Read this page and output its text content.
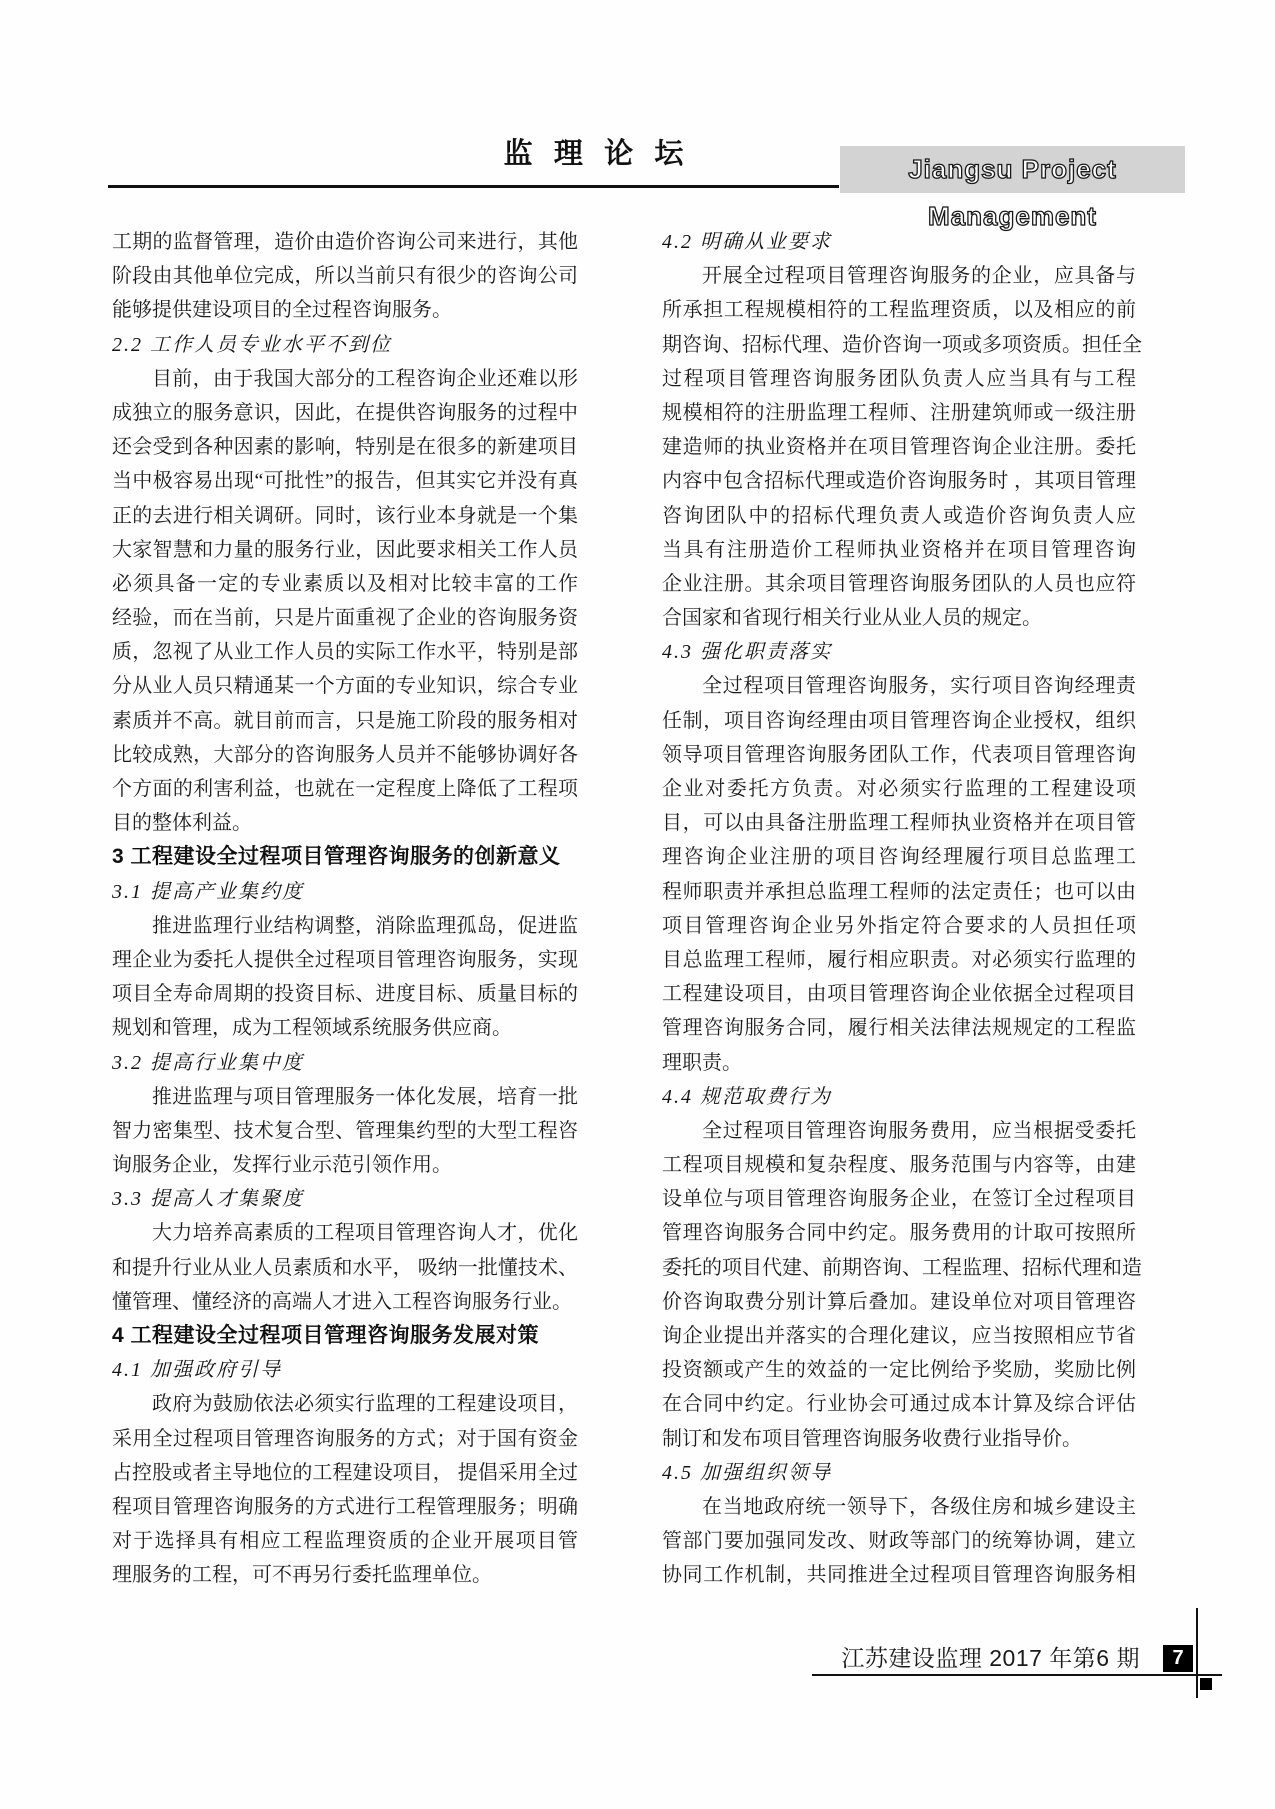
监 理 论 坛	Jiangsu Project Management
工期的监督管理，造价由造价咨询公司来进行，其他
阶段由其他单位完成，所以当前只有很少的咨询公司
能够提供建设项目的全过程咨询服务。
2.2 工作人员专业水平不到位
目前，由于我国大部分的工程咨询企业还难以形
成独立的服务意识，因此，在提供咨询服务的过程中
还会受到各种因素的影响，特别是在很多的新建项目
当中极容易出现“可批性”的报告，但其实它并没有真
正的去进行相关调研。同时，该行业本身就是一个集
大家智慧和力量的服务行业，因此要求相关工作人员
必须具备一定的专业素质以及相对比较丰富的工作
经验，而在当前，只是片面重视了企业的咨询服务资
质，忽视了从业工作人员的实际工作水平，特别是部
分从业人员只精通某一个方面的专业知识，综合专业
素质并不高。就目前而言，只是施工阶段的服务相对
比较成熟，大部分的咨询服务人员并不能够协调好各
个方面的利害利益，也就在一定程度上降低了工程项
目的整体利益。
3 工程建设全过程项目管理咨询服务的创新意义
3.1 提高产业集约度
推进监理行业结构调整，消除监理孤岛，促进监
理企业为委托人提供全过程项目管理咨询服务，实现
项目全寿命周期的投资目标、进度目标、质量目标的
规划和管理，成为工程领域系统服务供应商。
3.2 提高行业集中度
推进监理与项目管理服务一体化发展，培育一批
智力密集型、技术复合型、管理集约型的大型工程咨
询服务企业，发挥行业示范引领作用。
3.3 提高人才集聚度
大力培养高素质的工程项目管理咨询人才，优化
和提升行业从业人员素质和水平， 吸纳一批懂技术、
懂管理、懂经济的高端人才进入工程咨询服务行业。
4 工程建设全过程项目管理咨询服务发展对策
4.1 加强政府引导
政府为鼓励依法必须实行监理的工程建设项目，
采用全过程项目管理咨询服务的方式；对于国有资金
占控股或者主导地位的工程建设项目， 提倡采用全过
程项目管理咨询服务的方式进行工程管理服务；明确
对于选择具有相应工程监理资质的企业开展项目管
理服务的工程，可不再另行委托监理单位。
4.2 明确从业要求
开展全过程项目管理咨询服务的企业，应具备与
所承担工程规模相符的工程监理资质，以及相应的前
期咨询、招标代理、造价咨询一项或多项资质。担任全
过程项目管理咨询服务团队负责人应当具有与工程
规模相符的注册监理工程师、注册建筑师或一级注册
建造师的执业资格并在项目管理咨询企业注册。委托
内容中包含招标代理或造价咨询服务时 ，其项目管理
咨询团队中的招标代理负责人或造价咨询负责人应
当具有注册造价工程师执业资格并在项目管理咨询
企业注册。其余项目管理咨询服务团队的人员也应符
合国家和省现行相关行业从业人员的规定。
4.3 强化职责落实
全过程项目管理咨询服务，实行项目咨询经理责
任制，项目咨询经理由项目管理咨询企业授权，组织
领导项目管理咨询服务团队工作，代表项目管理咨询
企业对委托方负责。对必须实行监理的工程建设项
目，可以由具备注册监理工程师执业资格并在项目管
理咨询企业注册的项目咨询经理履行项目总监理工
程师职责并承担总监理工程师的法定责任；也可以由
项目管理咨询企业另外指定符合要求的人员担任项
目总监理工程师，履行相应职责。对必须实行监理的
工程建设项目，由项目管理咨询企业依据全过程项目
管理咨询服务合同，履行相关法律法规规定的工程监
理职责。
4.4 规范取费行为
全过程项目管理咨询服务费用，应当根据受委托
工程项目规模和复杂程度、服务范围与内容等，由建
设单位与项目管理咨询服务企业，在签订全过程项目
管理咨询服务合同中约定。服务费用的计取可按照所
委托的项目代建、前期咨询、工程监理、招标代理和造
价咨询取费分别计算后叠加。建设单位对项目管理咨
询企业提出并落实的合理化建议，应当按照相应节省
投资额或产生的效益的一定比例给予奖励，奖励比例
在合同中约定。行业协会可通过成本计算及综合评估
制订和发布项目管理咨询服务收费行业指导价。
4.5 加强组织领导
在当地政府统一领导下，各级住房和城乡建设主
管部门要加强同发改、财政等部门的统筹协调，建立
协同工作机制，共同推进全过程项目管理咨询服务相
江苏建设监理 2017 年第6 期	7
